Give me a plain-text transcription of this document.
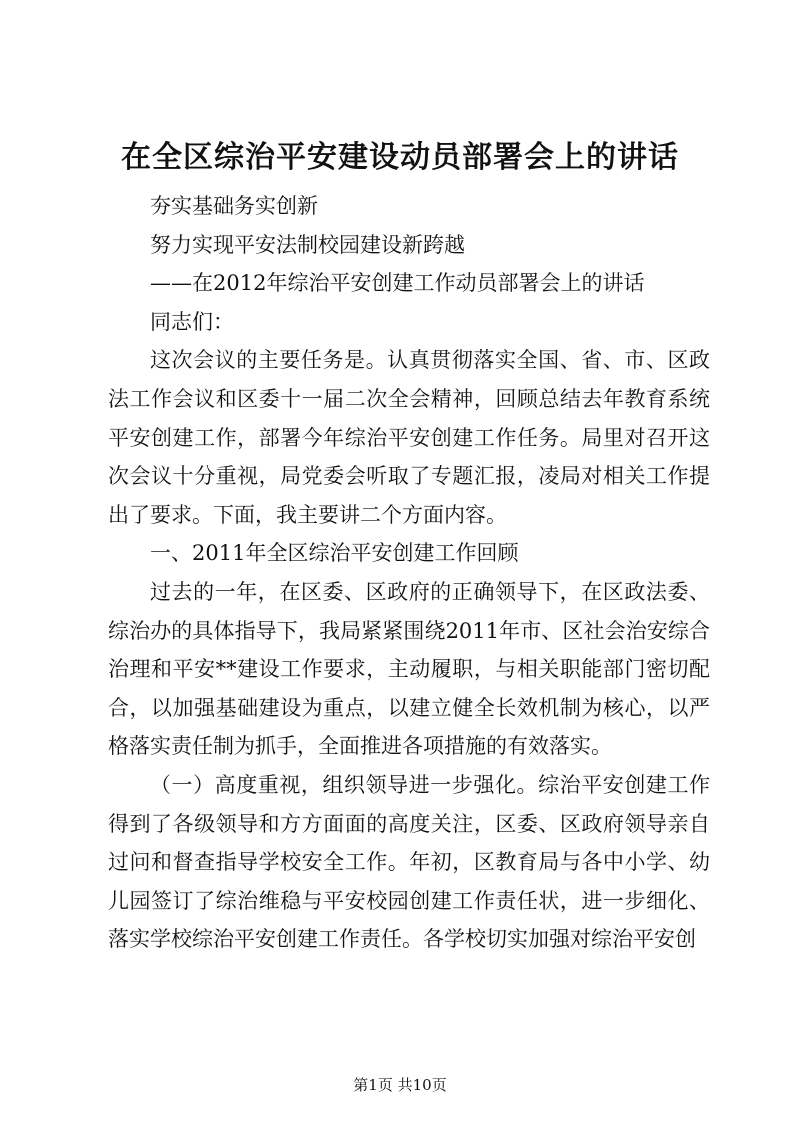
在全区综治平安建设动员部署会上的讲话

夯实基础务实创新

努力实现平安法制校园建设新跨越

——在2012年综治平安创建工作动员部署会上的讲话

同志们：

这次会议的主要任务是。认真贯彻落实全国、省、市、区政法工作会议和区委十一届二次全会精神，回顾总结去年教育系统平安创建工作，部署今年综治平安创建工作任务。局里对召开这次会议十分重视，局党委会听取了专题汇报，凌局对相关工作提出了要求。下面，我主要讲二个方面内容。

一、2011年全区综治平安创建工作回顾

过去的一年，在区委、区政府的正确领导下，在区政法委、综治办的具体指导下，我局紧紧围绕2011年市、区社会治安综合治理和平安**建设工作要求，主动履职，与相关职能部门密切配合，以加强基础建设为重点，以建立健全长效机制为核心，以严格落实责任制为抓手，全面推进各项措施的有效落实。

（一）高度重视，组织领导进一步强化。综治平安创建工作得到了各级领导和方方面面的高度关注，区委、区政府领导亲自过问和督查指导学校安全工作。年初，区教育局与各中小学、幼儿园签订了综治维稳与平安校园创建工作责任状，进一步细化、落实学校综治平安创建工作责任。各学校切实加强对综治平安创

第1页 共10页
